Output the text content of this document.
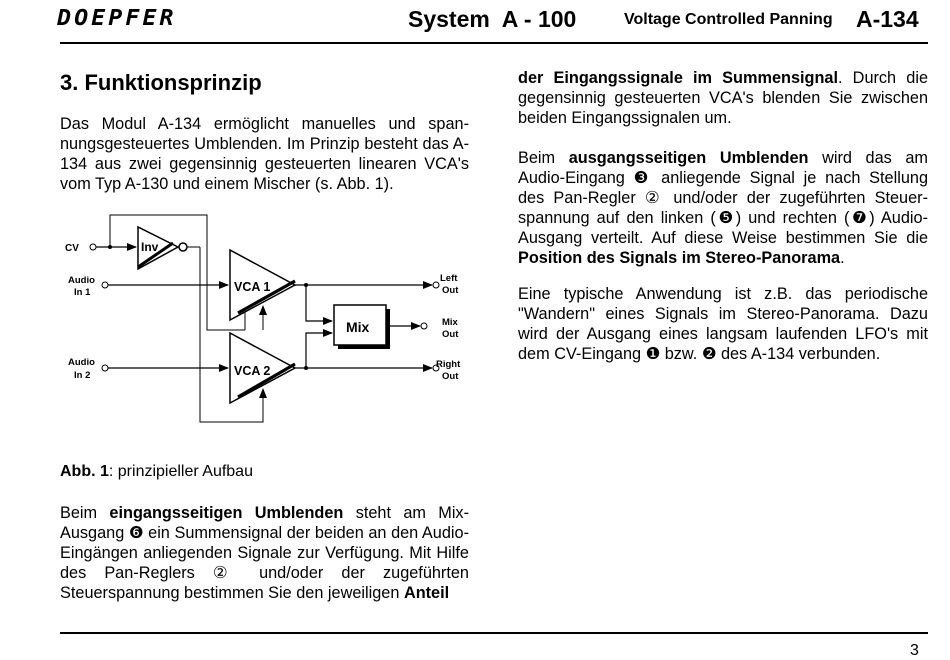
DOEPFER	System  A - 100	Voltage Controlled Panning A-134
3. Funktionsprinzip
Das Modul A-134 ermöglicht manuelles und span-nungsgesteuertes Umblenden. Im Prinzip besteht das A-134 aus zwei gegensinnig gesteuerten linearen VCA's vom Typ A-130 und einem Mischer (s. Abb. 1).
CV
Audio
In 1
Audio
In 2
Inv
VCA 1
VCA 2
Mix
Left
Out
Mix
Out
Right
Out
Abb. 1: prinzipieller Aufbau
Beim eingangsseitigen Umblenden steht am Mix-Ausgang ❻ ein Summensignal der beiden an den Audio-Eingängen anliegenden Signale zur Verfügung. Mit Hilfe des Pan-Reglers ② und/oder der zugeführten Steuerspannung bestimmen Sie den jeweiligen Anteil
der Eingangssignale im Summensignal. Durch die gegensinnig gesteuerten VCA's blenden Sie zwischen beiden Eingangssignalen um.
Beim ausgangsseitigen Umblenden wird das am Audio-Eingang ❸ anliegende Signal je nach Stellung des Pan-Regler ② und/oder der zugeführten Steuer-spannung auf den linken (❺) und rechten (❼) Audio-Ausgang verteilt. Auf diese Weise bestimmen Sie die Position des Signals im Stereo-Panorama.
Eine typische Anwendung ist z.B. das periodische "Wandern" eines Signals im Stereo-Panorama. Dazu wird der Ausgang eines langsam laufenden LFO's mit dem CV-Eingang ❶ bzw. ❷ des A-134 verbunden.
3
